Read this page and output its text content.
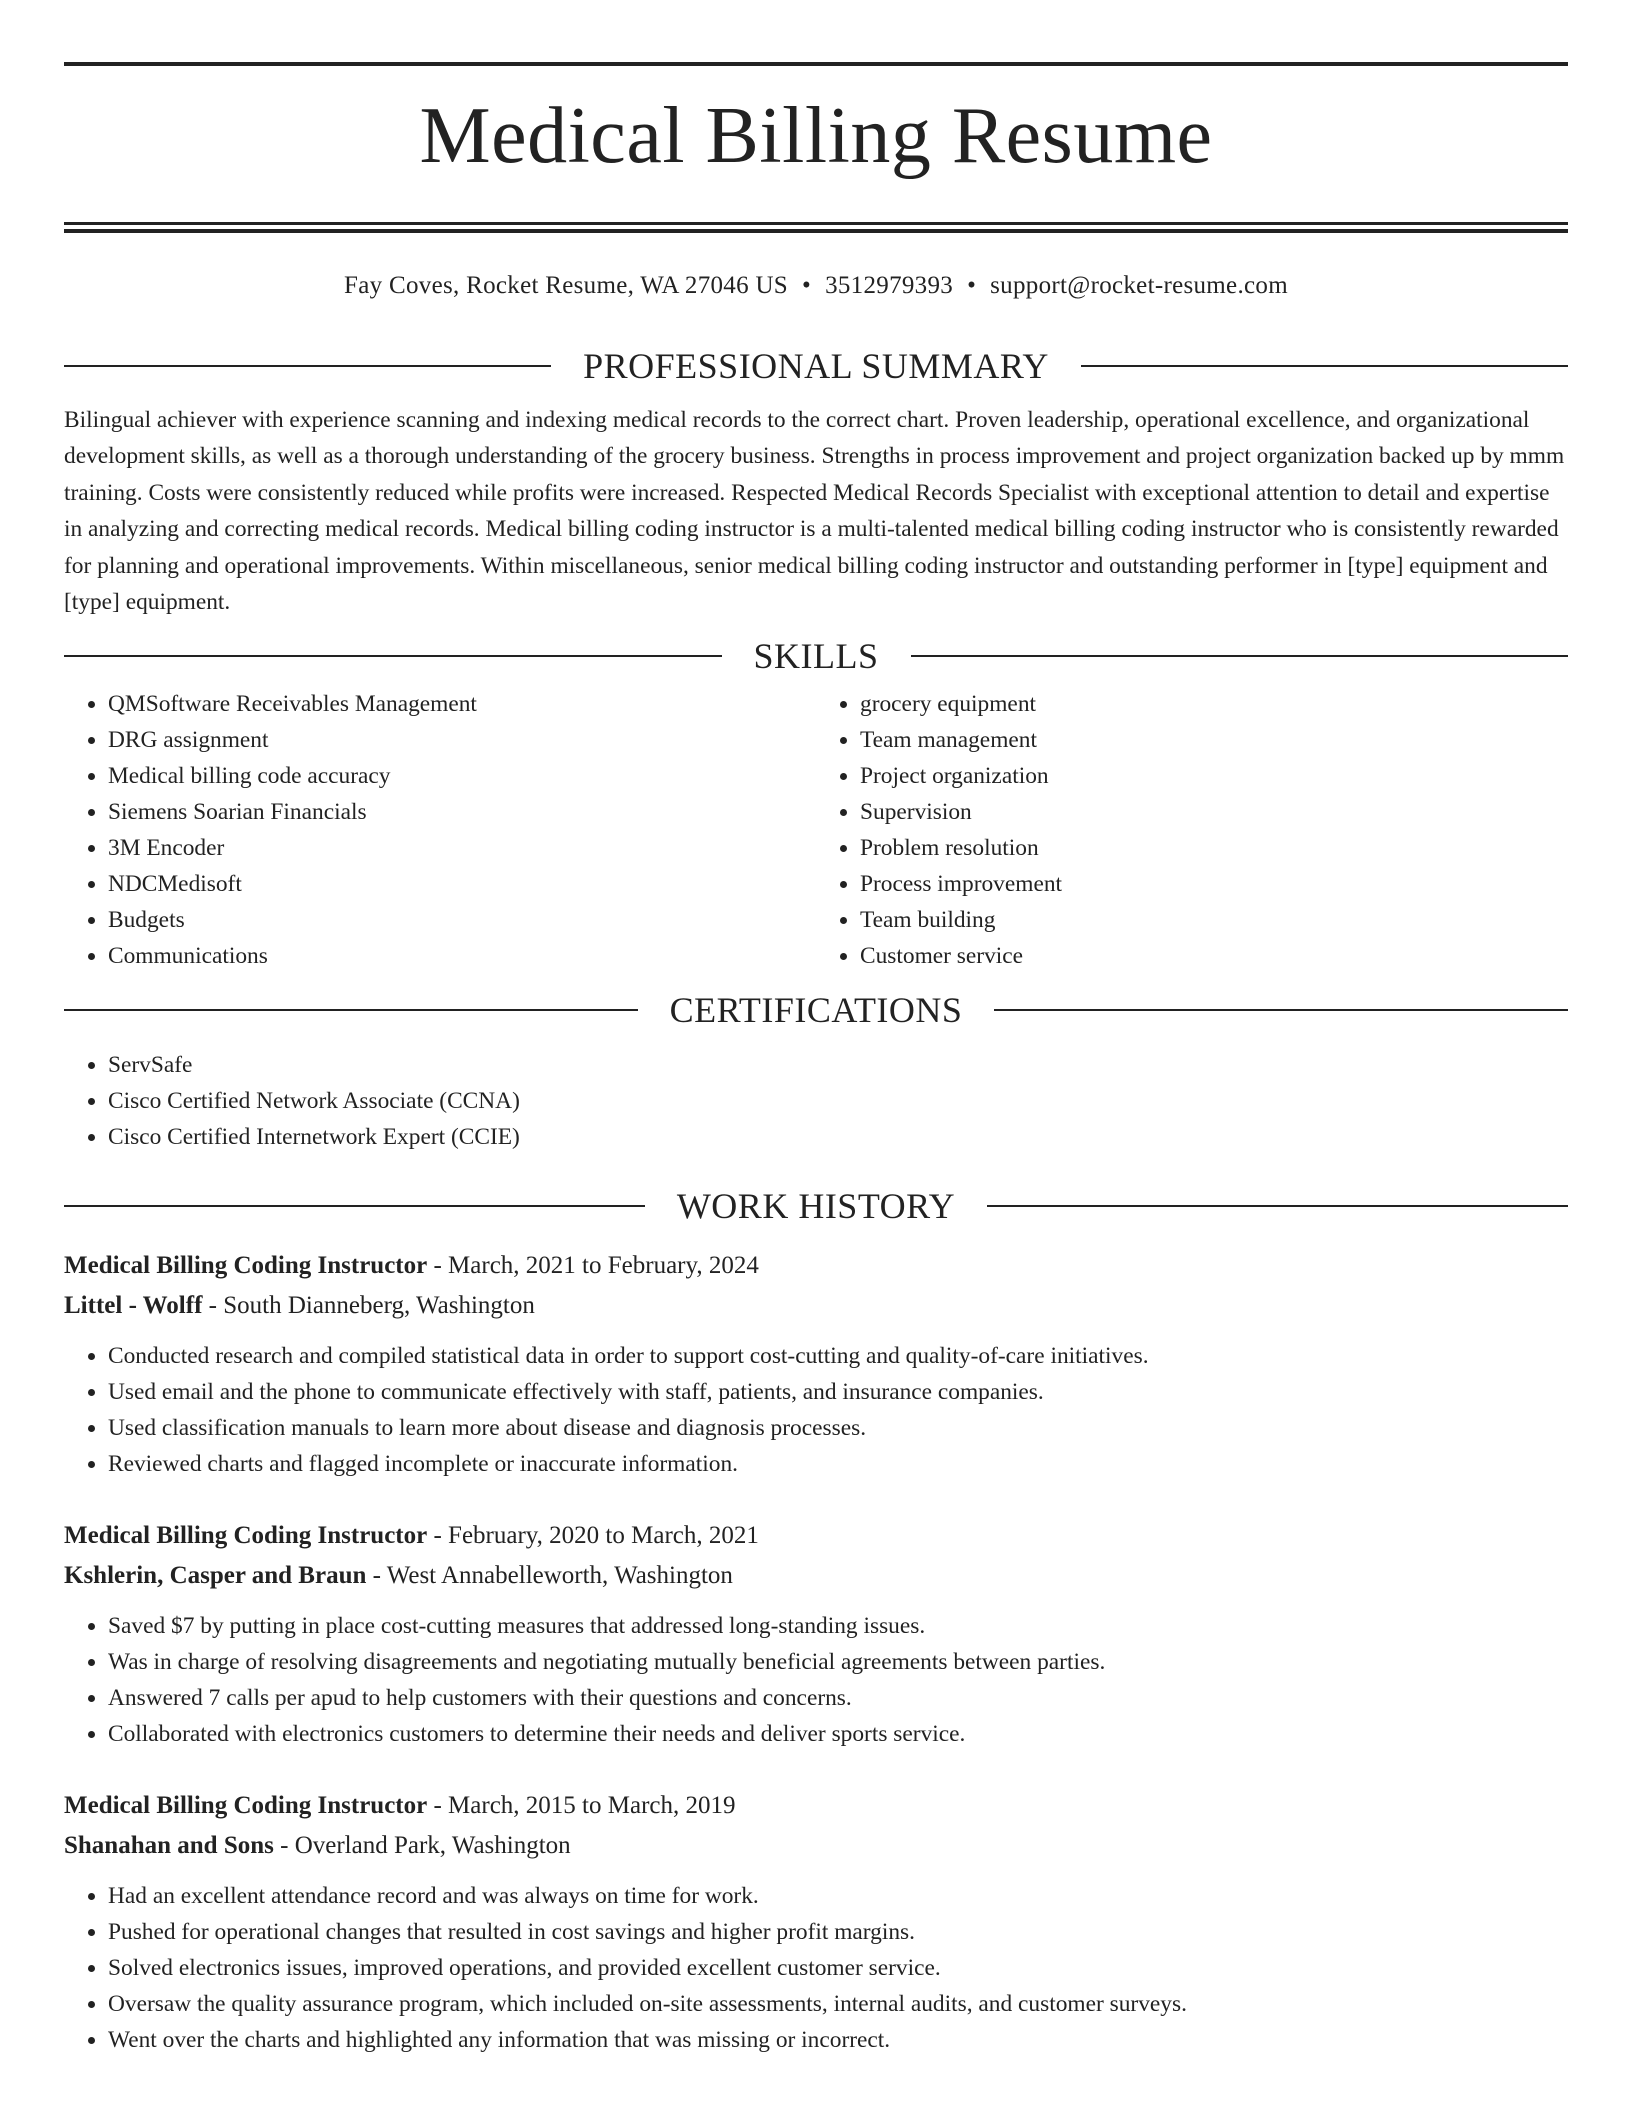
Medical Billing Resume
Fay Coves, Rocket Resume, WA 27046 US • 3512979393 • support@rocket-resume.com
PROFESSIONAL SUMMARY

Bilingual achiever with experience scanning and indexing medical records to the correct chart. Proven leadership, operational excellence, and organizational development skills, as well as a thorough understanding of the grocery business. Strengths in process improvement and project organization backed up by mmm training. Costs were consistently reduced while profits were increased. Respected Medical Records Specialist with exceptional attention to detail and expertise in analyzing and correcting medical records. Medical billing coding instructor is a multi-talented medical billing coding instructor who is consistently rewarded for planning and operational improvements. Within miscellaneous, senior medical billing coding instructor and outstanding performer in [type] equipment and [type] equipment.

SKILLS
• QMSoftware Receivables Management
• DRG assignment
• Medical billing code accuracy
• Siemens Soarian Financials
• 3M Encoder
• NDCMedisoft
• Budgets
• Communications
• grocery equipment
• Team management
• Project organization
• Supervision
• Problem resolution
• Process improvement
• Team building
• Customer service
CERTIFICATIONS
• ServSafe
• Cisco Certified Network Associate (CCNA)
• Cisco Certified Internetwork Expert (CCIE)
WORK HISTORY
Medical Billing Coding Instructor - March, 2021 to February, 2024
Littel - Wolff - South Dianneberg, Washington
• Conducted research and compiled statistical data in order to support cost-cutting and quality-of-care initiatives.
• Used email and the phone to communicate effectively with staff, patients, and insurance companies.
• Used classification manuals to learn more about disease and diagnosis processes.
• Reviewed charts and flagged incomplete or inaccurate information.
Medical Billing Coding Instructor - February, 2020 to March, 2021
Kshlerin, Casper and Braun - West Annabelleworth, Washington
• Saved $7 by putting in place cost-cutting measures that addressed long-standing issues.
• Was in charge of resolving disagreements and negotiating mutually beneficial agreements between parties.
• Answered 7 calls per apud to help customers with their questions and concerns.
• Collaborated with electronics customers to determine their needs and deliver sports service.
Medical Billing Coding Instructor - March, 2015 to March, 2019
Shanahan and Sons - Overland Park, Washington
• Had an excellent attendance record and was always on time for work.
• Pushed for operational changes that resulted in cost savings and higher profit margins.
• Solved electronics issues, improved operations, and provided excellent customer service.
• Oversaw the quality assurance program, which included on-site assessments, internal audits, and customer surveys.
• Went over the charts and highlighted any information that was missing or incorrect.
